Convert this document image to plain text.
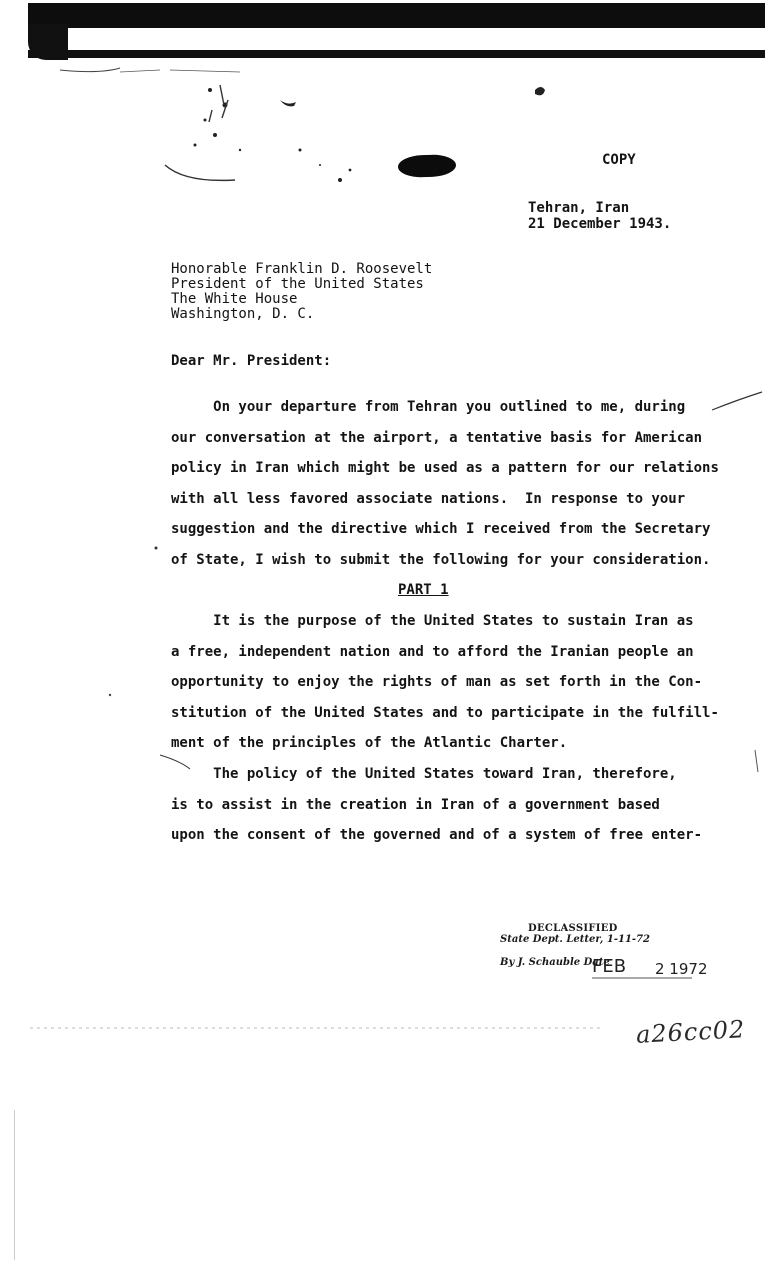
COPY
Tehran, Iran
21 December 1943.
Honorable Franklin D. Roosevelt
President of the United States
The White House
Washington, D. C.
Dear Mr. President:
On your departure from Tehran you outlined to me, during
our conversation at the airport, a tentative basis for American
policy in Iran which might be used as a pattern for our relations
with all less favored associate nations.  In response to your
suggestion and the directive which I received from the Secretary
of State, I wish to submit the following for your consideration.
PART 1
It is the purpose of the United States to sustain Iran as
a free, independent nation and to afford the Iranian people an
opportunity to enjoy the rights of man as set forth in the Con-
stitution of the United States and to participate in the fulfill-
ment of the principles of the Atlantic Charter.
The policy of the United States toward Iran, therefore,
is to assist in the creation in Iran of a government based
upon the consent of the governed and of a system of free enter-
DECLASSIFIED
State Dept. Letter, 1-11-72
By J. Schauble Date
FEB 2 1972
a26cc02
